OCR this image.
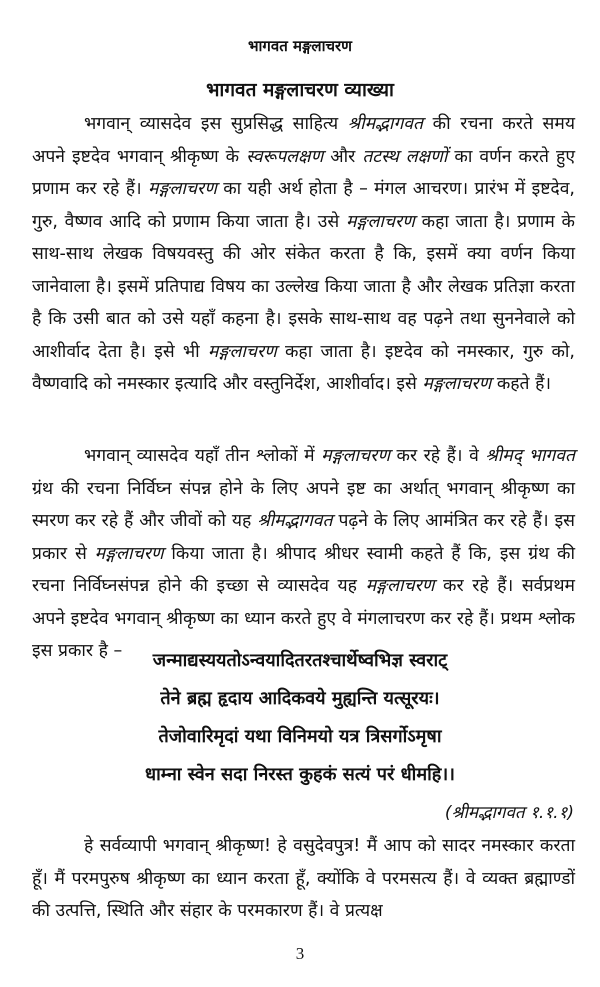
भागवत मङ्गलाचरण
भागवत मङ्गलाचरण व्याख्या

भगवान् व्यासदेव इस सुप्रसिद्ध साहित्य श्रीमद्भागवत की रचना करते समय अपने इष्टदेव भगवान् श्रीकृष्ण के स्वरूपलक्षण और तटस्थ लक्षणों का वर्णन करते हुए प्रणाम कर रहे हैं। मङ्गलाचरण का यही अर्थ होता है – मंगल आचरण। प्रारंभ में इष्टदेव, गुरु, वैष्णव आदि को प्रणाम किया जाता है। उसे मङ्गलाचरण कहा जाता है। प्रणाम के साथ-साथ लेखक विषयवस्तु की ओर संकेत करता है कि, इसमें क्या वर्णन किया जानेवाला है। इसमें प्रतिपाद्य विषय का उल्लेख किया जाता है और लेखक प्रतिज्ञा करता है कि उसी बात को उसे यहाँ कहना है। इसके साथ-साथ वह पढ़ने तथा सुननेवाले को आशीर्वाद देता है। इसे भी मङ्गलाचरण कहा जाता है। इष्टदेव को नमस्कार, गुरु को, वैष्णवादि को नमस्कार इत्यादि और वस्तुनिर्देश, आशीर्वाद। इसे मङ्गलाचरण कहते हैं।

भगवान् व्यासदेव यहाँ तीन श्लोकों में मङ्गलाचरण कर रहे हैं। वे श्रीमद् भागवत ग्रंथ की रचना निर्विघ्न संपन्न होने के लिए अपने इष्ट का अर्थात् भगवान् श्रीकृष्ण का स्मरण कर रहे हैं और जीवों को यह श्रीमद्भागवत पढ़ने के लिए आमंत्रित कर रहे हैं। इस प्रकार से मङ्गलाचरण किया जाता है। श्रीपाद श्रीधर स्वामी कहते हैं कि, इस ग्रंथ की रचना निर्विघ्नसंपन्न होने की इच्छा से व्यासदेव यह मङ्गलाचरण कर रहे हैं। सर्वप्रथम अपने इष्टदेव भगवान् श्रीकृष्ण का ध्यान करते हुए वे मंगलाचरण कर रहे हैं। प्रथम श्लोक इस प्रकार है –	जन्माद्यस्ययतोऽन्वयादितरतश्चार्थेष्वभिज्ञ स्वराट्
तेने ब्रह्म हृदाय आदिकवये मुह्यन्ति यत्सूरयः।
तेजोवारिमृदां यथा विनिमयो यत्र त्रिसर्गोऽमृषा
धाम्ना स्वेन सदा निरस्त कुहकं सत्यं परं धीमहि।।
(श्रीमद्भागवत १.१.१)

हे सर्वव्यापी भगवान् श्रीकृष्ण! हे वसुदेवपुत्र! मैं आप को सादर नमस्कार करता हूँ। मैं परमपुरुष श्रीकृष्ण का ध्यान करता हूँ, क्योंकि वे परमसत्य हैं। वे व्यक्त ब्रह्माण्डों की उत्पत्ति, स्थिति और संहार के परमकारण हैं। वे प्रत्यक्ष

3
